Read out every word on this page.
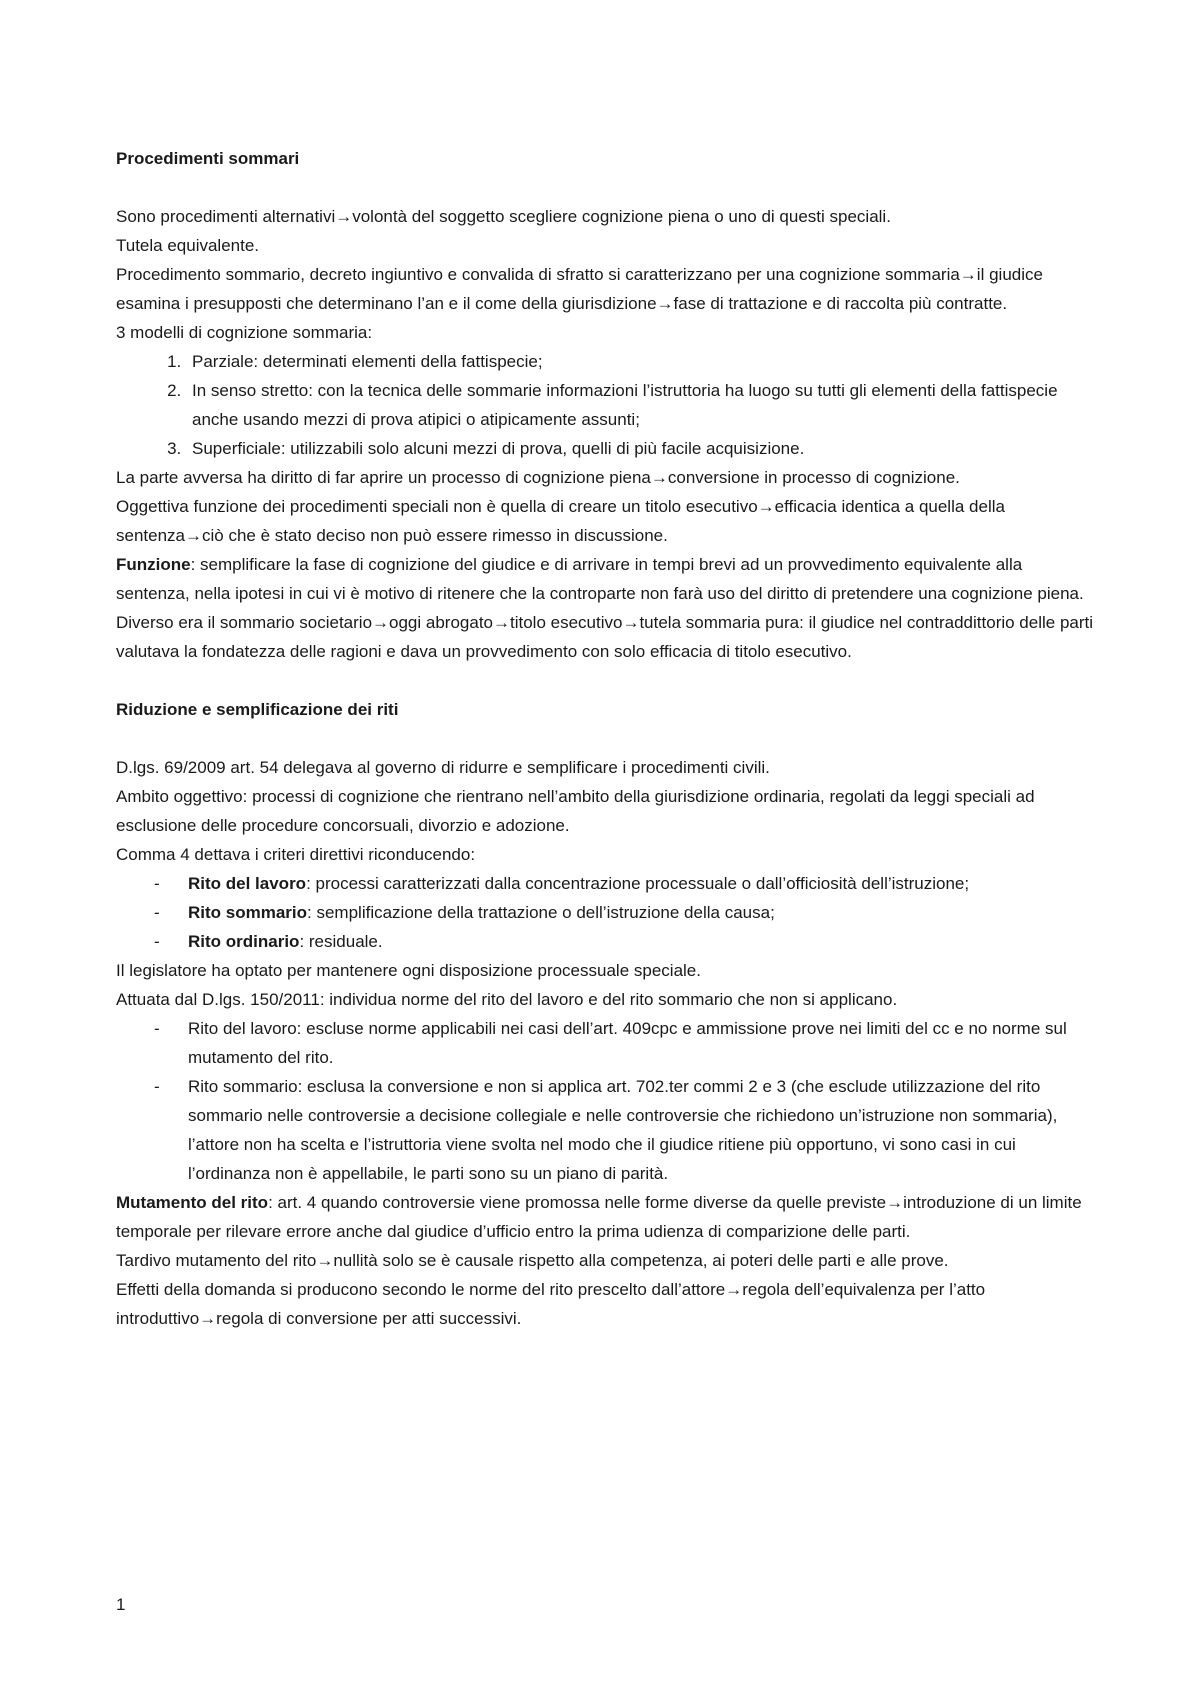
Procedimenti sommari

Sono procedimenti alternativi→volontà del soggetto scegliere cognizione piena o uno di questi speciali.

Tutela equivalente.

Procedimento sommario, decreto ingiuntivo e convalida di sfratto si caratterizzano per una cognizione sommaria→il giudice esamina i presupposti che determinano l’an e il come della giurisdizione→fase di trattazione e di raccolta più contratte.

3 modelli di cognizione sommaria:

1. Parziale: determinati elementi della fattispecie;
2. In senso stretto: con la tecnica delle sommarie informazioni l’istruttoria ha luogo su tutti gli elementi della fattispecie anche usando mezzi di prova atipici o atipicamente assunti;
3. Superficiale: utilizzabili solo alcuni mezzi di prova, quelli di più facile acquisizione.

La parte avversa ha diritto di far aprire un processo di cognizione piena→conversione in processo di cognizione.

Oggettiva funzione dei procedimenti speciali non è quella di creare un titolo esecutivo→efficacia identica a quella della sentenza→ciò che è stato deciso non può essere rimesso in discussione.

Funzione: semplificare la fase di cognizione del giudice e di arrivare in tempi brevi ad un provvedimento equivalente alla sentenza, nella ipotesi in cui vi è motivo di ritenere che la controparte non farà uso del diritto di pretendere una cognizione piena.

Diverso era il sommario societario→oggi abrogato→titolo esecutivo→tutela sommaria pura: il giudice nel contraddittorio delle parti valutava la fondatezza delle ragioni e dava un provvedimento con solo efficacia di titolo esecutivo.

Riduzione e semplificazione dei riti

D.lgs. 69/2009 art. 54 delegava al governo di ridurre e semplificare i procedimenti civili.

Ambito oggettivo: processi di cognizione che rientrano nell’ambito della giurisdizione ordinaria, regolati da leggi speciali ad esclusione delle procedure concorsuali, divorzio e adozione.

Comma 4 dettava i criteri direttivi riconducendo:

- Rito del lavoro: processi caratterizzati dalla concentrazione processuale o dall’officiosità dell’istruzione;
- Rito sommario: semplificazione della trattazione o dell’istruzione della causa;
- Rito ordinario: residuale.

Il legislatore ha optato per mantenere ogni disposizione processuale speciale.

Attuata dal D.lgs. 150/2011: individua norme del rito del lavoro e del rito sommario che non si applicano.

- Rito del lavoro: escluse norme applicabili nei casi dell’art. 409cpc e ammissione prove nei limiti del cc e no norme sul mutamento del rito.
- Rito sommario: esclusa la conversione e non si applica art. 702.ter commi 2 e 3 (che esclude utilizzazione del rito sommario nelle controversie a decisione collegiale e nelle controversie che richiedono un’istruzione non sommaria), l’attore non ha scelta e l’istruttoria viene svolta nel modo che il giudice ritiene più opportuno, vi sono casi in cui l’ordinanza non è appellabile, le parti sono su un piano di parità.

Mutamento del rito: art. 4 quando controversie viene promossa nelle forme diverse da quelle previste→introduzione di un limite temporale per rilevare errore anche dal giudice d’ufficio entro la prima udienza di comparizione delle parti.

Tardivo mutamento del rito→nullità solo se è causale rispetto alla competenza, ai poteri delle parti e alle prove.

Effetti della domanda si producono secondo le norme del rito prescelto dall’attore→regola dell’equivalenza per l’atto introduttivo→regola di conversione per atti successivi.

1
